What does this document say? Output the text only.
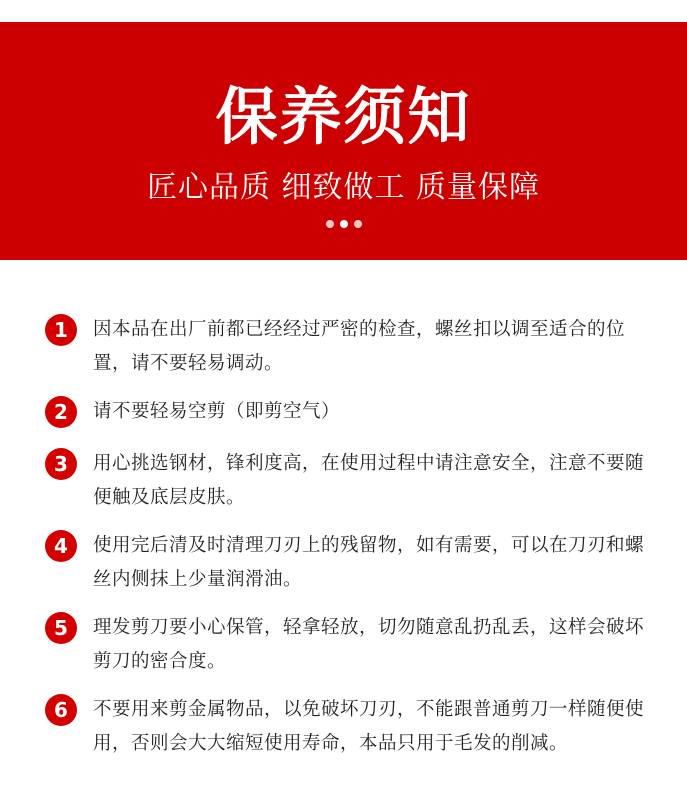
保养须知
匠心品质 细致做工 质量保障
1	因本品在出厂前都已经经过严密的检查，螺丝扣以调至适合的位置，请不要轻易调动。

2	请不要轻易空剪（即剪空气）

3	用心挑选钢材，锋利度高，在使用过程中请注意安全，注意不要随便触及底层皮肤。

4	使用完后清及时清理刀刃上的残留物，如有需要，可以在刀刃和螺丝内侧抹上少量润滑油。

5	理发剪刀要小心保管，轻拿轻放，切勿随意乱扔乱丢，这样会破坏剪刀的密合度。

6	不要用来剪金属物品，以免破坏刀刃，不能跟普通剪刀一样随便使用，否则会大大缩短使用寿命，本品只用于毛发的削减。
